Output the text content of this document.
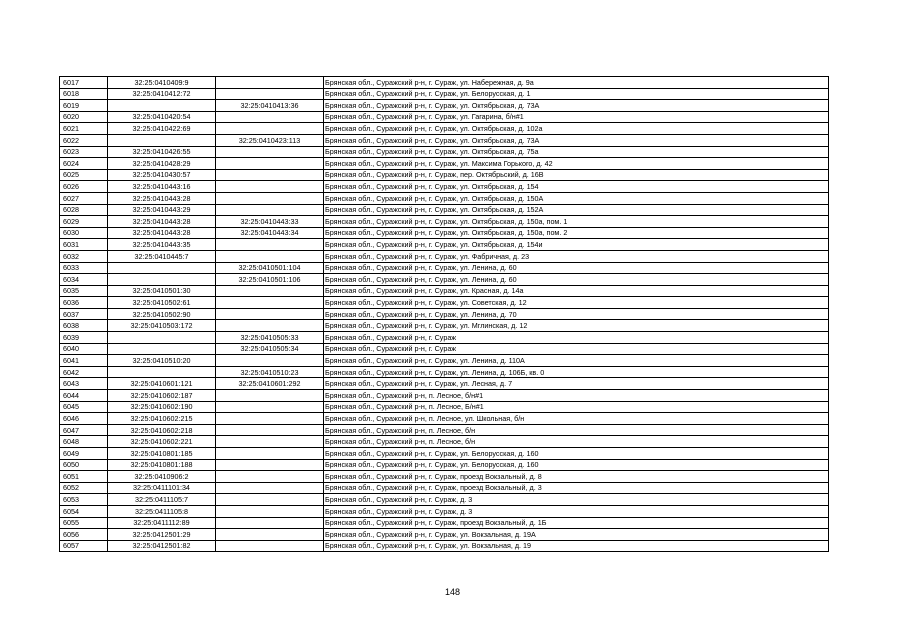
6017	32:25:0410409:9		Брянская обл., Суражский р-н, г. Сураж, ул. Набережная, д. 9а
6018	32:25:0410412:72		Брянская обл., Суражский р-н, г. Сураж, ул. Белорусская, д. 1
6019		32:25:0410413:36	Брянская обл., Суражский р-н, г. Сураж, ул. Октябрьская, д. 73А
6020	32:25:0410420:54		Брянская обл., Суражский р-н, г. Сураж, ул. Гагарина, б/н#1
6021	32:25:0410422:69		Брянская обл., Суражский р-н, г. Сураж, ул. Октябрьская, д. 102а
6022		32:25:0410423:113	Брянская обл., Суражский р-н, г. Сураж, ул. Октябрьская, д. 73А
6023	32:25:0410426:55		Брянская обл., Суражский р-н, г. Сураж, ул. Октябрьская, д. 75а
6024	32:25:0410428:29		Брянская обл., Суражский р-н, г. Сураж, ул. Максима Горького, д. 42
6025	32:25:0410430:57		Брянская обл., Суражский р-н, г. Сураж, пер. Октябрьский, д. 16В
6026	32:25:0410443:16		Брянская обл., Суражский р-н, г. Сураж, ул. Октябрьская, д. 154
6027	32:25:0410443:28		Брянская обл., Суражский р-н, г. Сураж, ул. Октябрьская, д. 150А
6028	32:25:0410443:29		Брянская обл., Суражский р-н, г. Сураж, ул. Октябрьская, д. 152А
6029	32:25:0410443:28	32:25:0410443:33	Брянская обл., Суражский р-н, г. Сураж, ул. Октябрьская, д. 150а, пом. 1
6030	32:25:0410443:28	32:25:0410443:34	Брянская обл., Суражский р-н, г. Сураж, ул. Октябрьская, д. 150а, пом. 2
6031	32:25:0410443:35		Брянская обл., Суражский р-н, г. Сураж, ул. Октябрьская, д. 154и
6032	32:25:0410445:7		Брянская обл., Суражский р-н, г. Сураж, ул. Фабричная, д. 23
6033		32:25:0410501:104	Брянская обл., Суражский р-н, г. Сураж, ул. Ленина, д. 60
6034		32:25:0410501:106	Брянская обл., Суражский р-н, г. Сураж, ул. Ленина, д. 60
6035	32:25:0410501:30		Брянская обл., Суражский р-н, г. Сураж, ул. Красная, д. 14а
6036	32:25:0410502:61		Брянская обл., Суражский р-н, г. Сураж, ул. Советская, д. 12
6037	32:25:0410502:90		Брянская обл., Суражский р-н, г. Сураж, ул. Ленина, д. 70
6038	32:25:0410503:172		Брянская обл., Суражский р-н, г. Сураж, ул. Мглинская, д. 12
6039		32:25:0410505:33	Брянская обл., Суражский р-н, г. Сураж
6040		32:25:0410505:34	Брянская обл., Суражский р-н, г. Сураж
6041	32:25:0410510:20		Брянская обл., Суражский р-н, г. Сураж, ул. Ленина, д. 110А
6042		32:25:0410510:23	Брянская обл., Суражский р-н, г. Сураж, ул. Ленина, д. 106Б, кв. 0
6043	32:25:0410601:121	32:25:0410601:292	Брянская обл., Суражский р-н, г. Сураж, ул. Лесная, д. 7
6044	32:25:0410602:187		Брянская обл., Суражский р-н, п. Лесное, б/н#1
6045	32:25:0410602:190		Брянская обл., Суражский р-н, п. Лесное, Б/н#1
6046	32:25:0410602:215		Брянская обл., Суражский р-н, п. Лесное, ул. Школьная, б/н
6047	32:25:0410602:218		Брянская обл., Суражский р-н, п. Лесное, б/н
6048	32:25:0410602:221		Брянская обл., Суражский р-н, п. Лесное, б/н
6049	32:25:0410801:185		Брянская обл., Суражский р-н, г. Сураж, ул. Белорусская, д. 160
6050	32:25:0410801:188		Брянская обл., Суражский р-н, г. Сураж, ул. Белорусская, д. 160
6051	32:25:0410906:2		Брянская обл., Суражский р-н, г. Сураж, проезд Вокзальный, д. 8
6052	32:25:0411101:34		Брянская обл., Суражский р-н, г. Сураж, проезд Вокзальный, д. 3
6053	32:25:0411105:7		Брянская обл., Суражский р-н, г. Сураж, д. 3
6054	32:25:0411105:8		Брянская обл., Суражский р-н, г. Сураж, д. 3
6055	32:25:0411112:89		Брянская обл., Суражский р-н, г. Сураж, проезд Вокзальный, д. 1Б
6056	32:25:0412501:29		Брянская обл., Суражский р-н, г. Сураж, ул. Вокзальная, д. 19А
6057	32:25:0412501:82		Брянская обл., Суражский р-н, г. Сураж, ул. Вокзальная, д. 19
148
